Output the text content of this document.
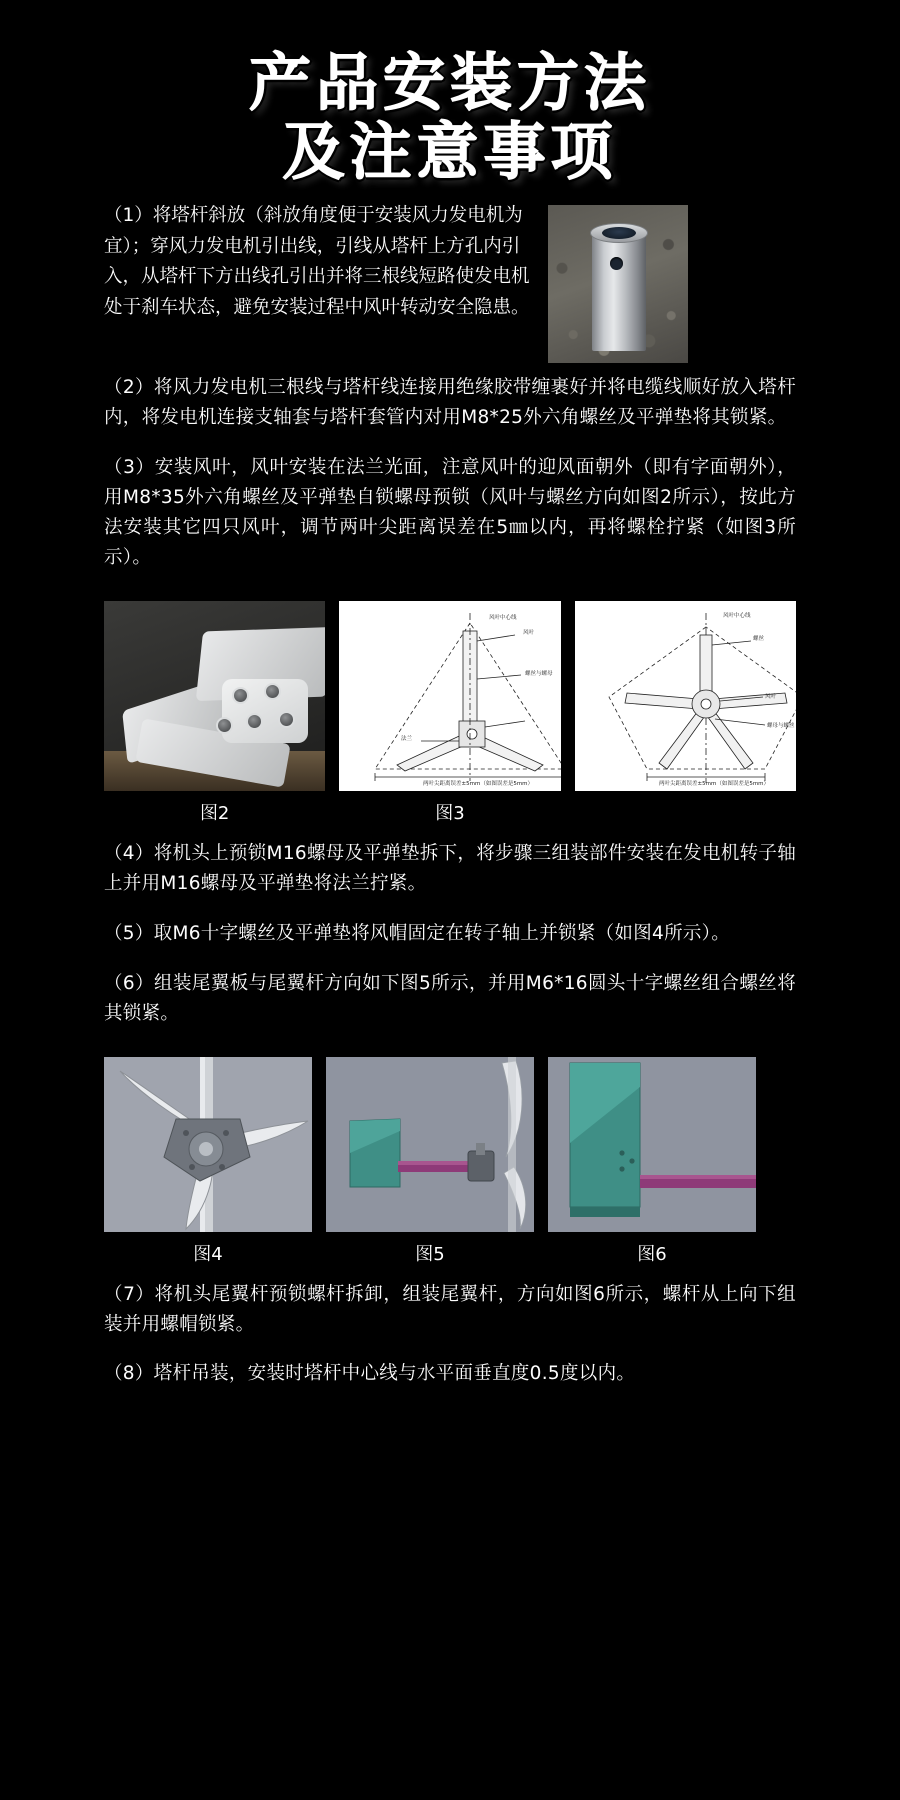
产品安装方法
及注意事项

（1）将塔杆斜放（斜放角度便于安装风力发电机为宜）；穿风力发电机引出线，引线从塔杆上方孔内引入，从塔杆下方出线孔引出并将三根线短路使发电机处于刹车状态，避免安装过程中风叶转动安全隐患。

（2）将风力发电机三根线与塔杆线连接用绝缘胶带缠裹好并将电缆线顺好放入塔杆内，将发电机连接支轴套与塔杆套管内对用M8*25外六角螺丝及平弹垫将其锁紧。

（3）安装风叶，风叶安装在法兰光面，注意风叶的迎风面朝外（即有字面朝外），用M8*35外六角螺丝及平弹垫自锁螺母预锁（风叶与螺丝方向如图2所示），按此方法安装其它四只风叶，调节两叶尖距离误差在5㎜以内，再将螺栓拧紧（如图3所示）。

风叶中心线
风叶
螺丝与螺母
法兰
两叶尖距离误差±5mm（如图误差是5mm）
风叶中心线
螺丝
风叶
螺母与螺丝
两叶尖距离误差±5mm（如图误差是5mm）
图2	图3

（4）将机头上预锁M16螺母及平弹垫拆下，将步骤三组装部件安装在发电机转子轴上并用M16螺母及平弹垫将法兰拧紧。

（5）取M6十字螺丝及平弹垫将风帽固定在转子轴上并锁紧（如图4所示）。

（6）组装尾翼板与尾翼杆方向如下图5所示，并用M6*16圆头十字螺丝组合螺丝将其锁紧。

图4	图5	图6

（7）将机头尾翼杆预锁螺杆拆卸，组装尾翼杆，方向如图6所示，螺杆从上向下组装并用螺帽锁紧。

（8）塔杆吊装，安装时塔杆中心线与水平面垂直度0.5度以内。
